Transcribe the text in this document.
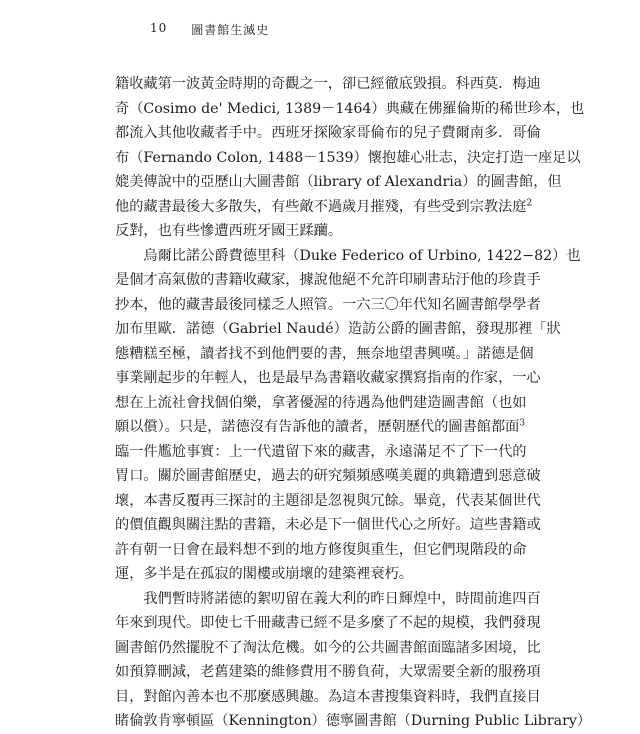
10 圖書館生滅史
籍收藏第一波黃金時期的奇觀之一，卻已經徹底毀損。科西莫．梅迪
奇（Cosimo de' Medici, 1389－1464）典藏在佛羅倫斯的稀世珍本，也
都流入其他收藏者手中。西班牙探險家哥倫布的兒子費爾南多．哥倫
布（Fernando Colon, 1488－1539）懷抱雄心壯志，決定打造一座足以
媲美傳說中的亞歷山大圖書館（library of Alexandria）的圖書館，但
他的藏書最後大多散失，有些敵不過歲月摧殘，有些受到宗教法庭$^2$
反對，也有些慘遭西班牙國王蹂躪。
烏爾比諾公爵費德里科（Duke Federico of Urbino, 1422−82）也
是個才高氣傲的書籍收藏家，據說他絕不允許印刷書玷汙他的珍貴手
抄本，他的藏書最後同樣乏人照管。一六三〇年代知名圖書館學學者
加布里歐．諾德（Gabriel Naudé）造訪公爵的圖書館，發現那裡「狀
態糟糕至極，讀者找不到他們要的書，無奈地望書興嘆。」諾德是個
事業剛起步的年輕人，也是最早為書籍收藏家撰寫指南的作家，一心
想在上流社會找個伯樂，拿著優渥的待遇為他們建造圖書館（也如
願以償）。只是，諾德沒有告訴他的讀者，歷朝歷代的圖書館都面$^3$
臨一件尷尬事實：上一代遺留下來的藏書，永遠滿足不了下一代的
胃口。關於圖書館歷史，過去的研究頻頻感嘆美麗的典籍遭到惡意破
壞，本書反覆再三探討的主題卻是忽視與冗餘。畢竟，代表某個世代
的價值觀與關注點的書籍，未必是下一個世代心之所好。這些書籍或
許有朝一日會在最料想不到的地方修復與重生，但它們現階段的命
運，多半是在孤寂的閣樓或崩壞的建築裡衰朽。
我們暫時將諾德的絮叨留在義大利的昨日輝煌中，時間前進四百
年來到現代。即使七千冊藏書已經不是多麼了不起的規模，我們發現
圖書館仍然擺脫不了淘汰危機。如今的公共圖書館面臨諸多困境，比
如預算刪減，老舊建築的維修費用不勝負荷，大眾需要全新的服務項
目，對館內善本也不那麼感興趣。為這本書搜集資料時，我們直接目
睹倫敦肯寧頓區（Kennington）德寧圖書館（Durning Public Library）
